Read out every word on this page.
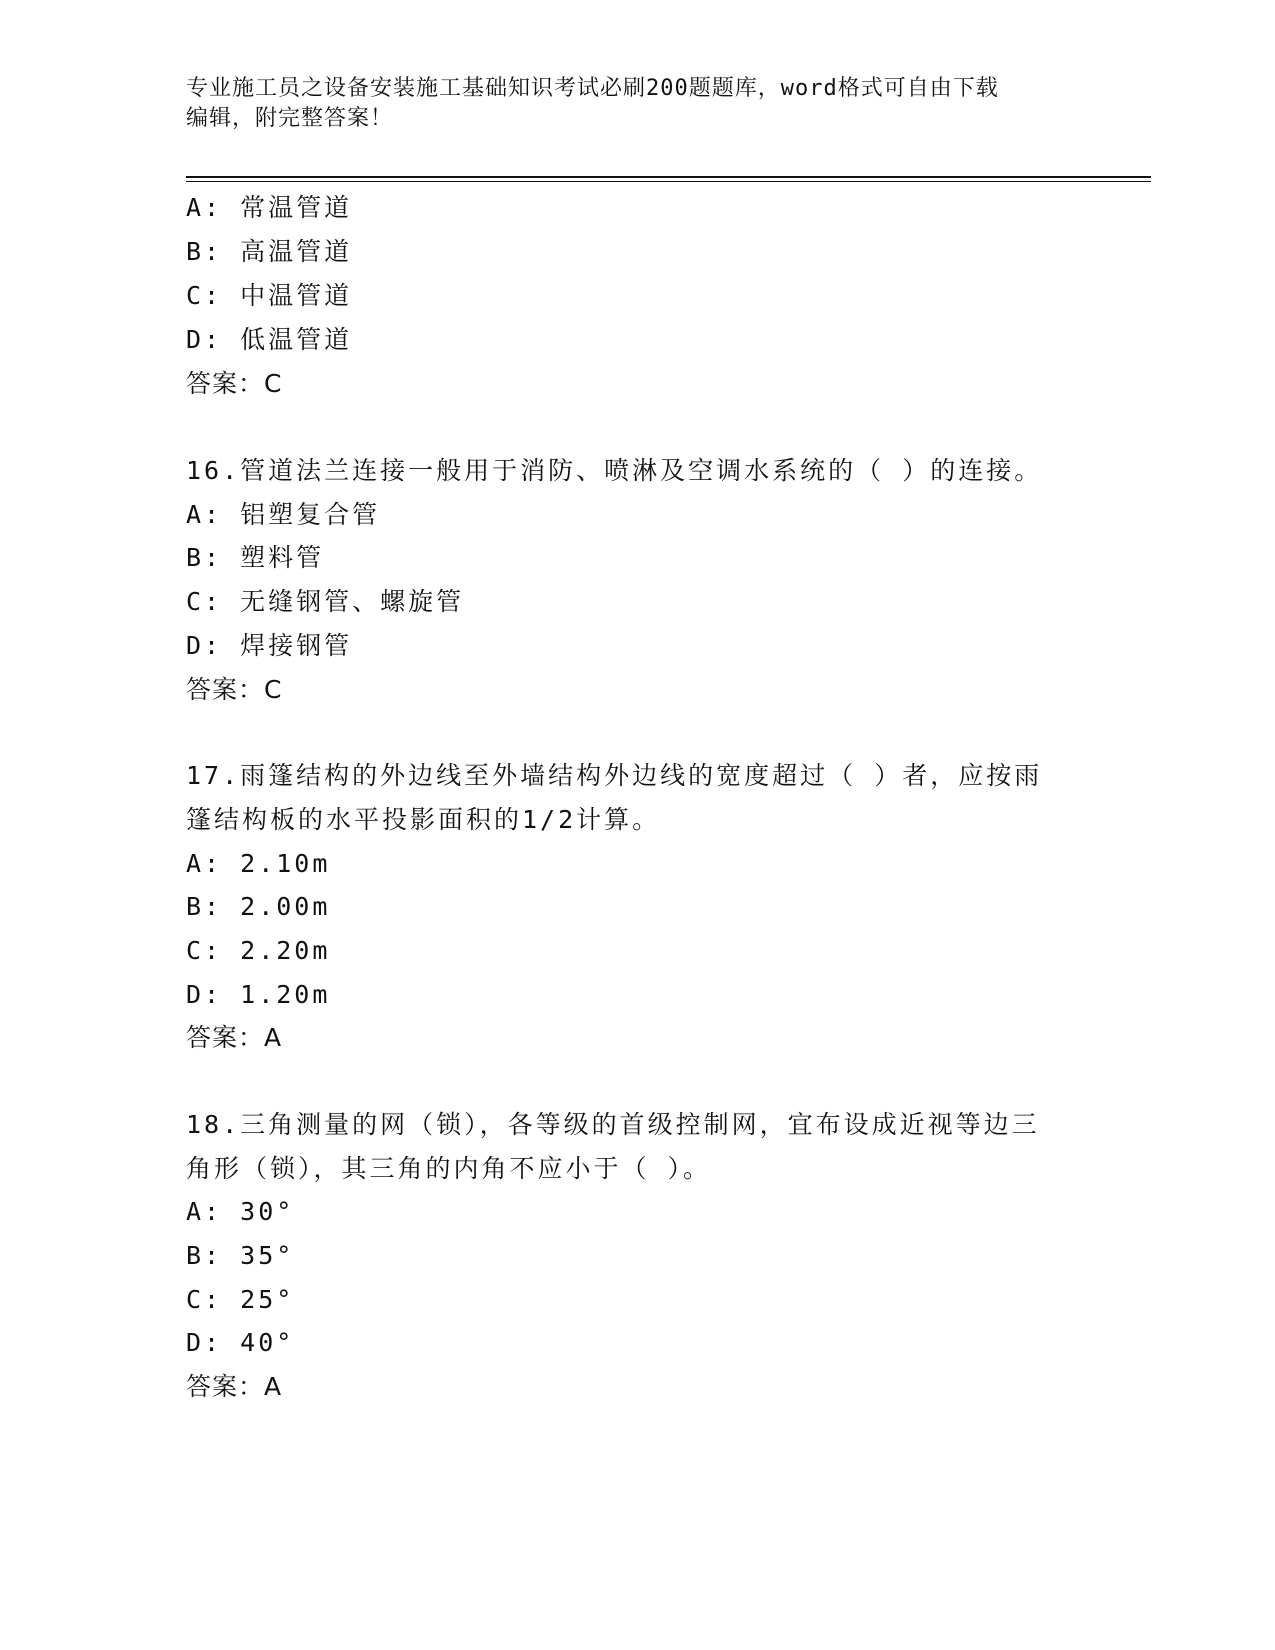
专业施工员之设备安装施工基础知识考试必刷200题题库，word格式可自由下载
编辑，附完整答案！
A: 常温管道
B: 高温管道
C: 中温管道
D: 低温管道
答案：C
16.管道法兰连接一般用于消防、喷淋及空调水系统的（ ）的连接。
A: 铝塑复合管
B: 塑料管
C: 无缝钢管、螺旋管
D: 焊接钢管
答案：C
17.雨篷结构的外边线至外墙结构外边线的宽度超过（ ）者，应按雨
篷结构板的水平投影面积的1/2计算。
A: 2.10m
B: 2.00m
C: 2.20m
D: 1.20m
答案：A
18.三角测量的网（锁），各等级的首级控制网，宜布设成近视等边三
角形（锁），其三角的内角不应小于（ ）。
A: 30°
B: 35°
C: 25°
D: 40°
答案：A
